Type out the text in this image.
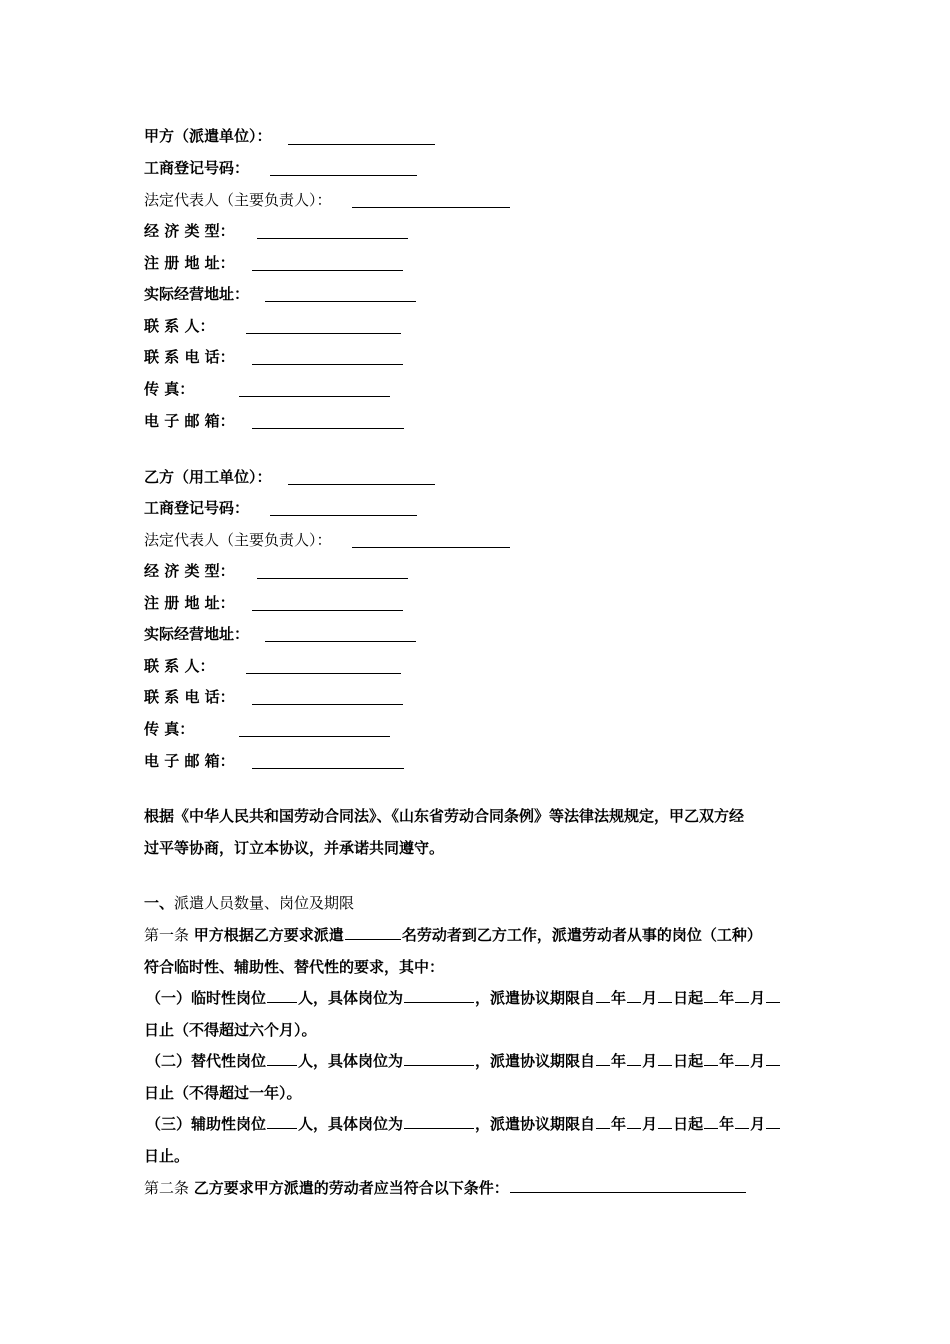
甲方（派遣单位）：
工商登记号码：
法定代表人（主要负责人）：
经 济 类 型：
注 册 地 址：
实际经营地址：
联 系 人：
联 系 电 话：
传 真：
电 子 邮 箱：
乙方（用工单位）：
工商登记号码：
法定代表人（主要负责人）：
经 济 类 型：
注 册 地 址：
实际经营地址：
联 系 人：
联 系 电 话：
传 真：
电 子 邮 箱：
根据《中华人民共和国劳动合同法》、《山东省劳动合同条例》等法律法规规定，甲乙双方经
过平等协商，订立本协议，并承诺共同遵守。
一、派遣人员数量、岗位及期限
第一条 甲方根据乙方要求派遣	名劳动者到乙方工作，派遣劳动者从事的岗位（工种）
符合临时性、辅助性、替代性的要求，其中：
（一）临时性岗位 人，具体岗位为	，派遣协议期限自 年 月 日起 年 月
日止（不得超过六个月）。
（二）替代性岗位 人，具体岗位为	，派遣协议期限自 年 月 日起 年 月
日止（不得超过一年）。
（三）辅助性岗位 人，具体岗位为	，派遣协议期限自 年 月 日起 年 月
日止。
第二条 乙方要求甲方派遣的劳动者应当符合以下条件：
